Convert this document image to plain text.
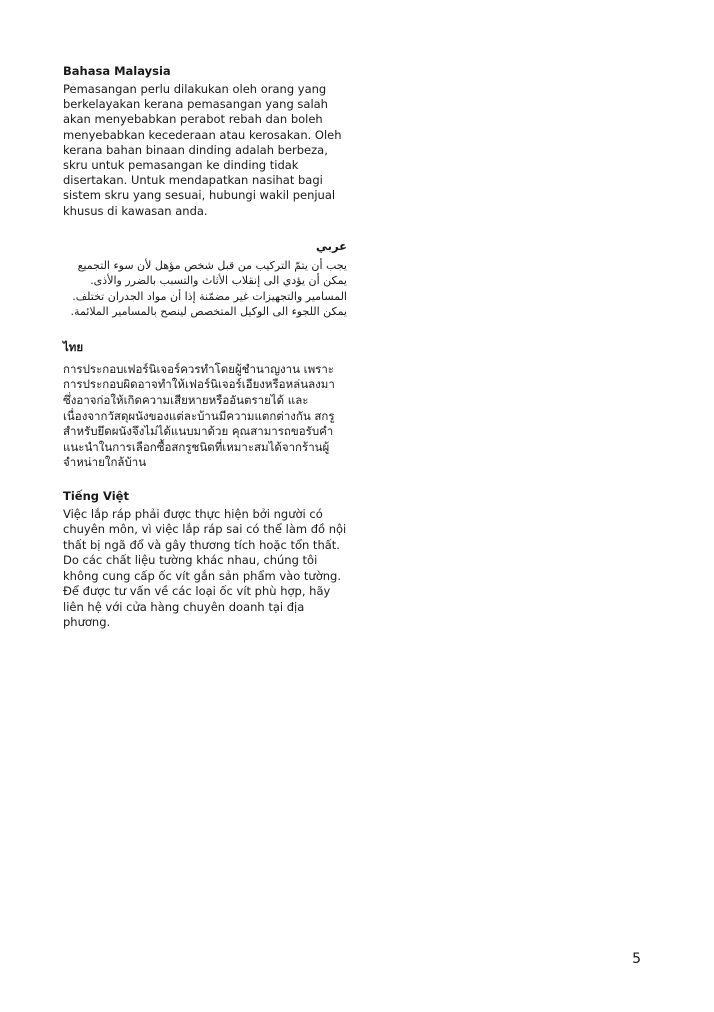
Bahasa Malaysia

Pemasangan perlu dilakukan oleh orang yang berkelayakan kerana pemasangan yang salah akan menyebabkan perabot rebah dan boleh menyebabkan kecederaan atau kerosakan. Oleh kerana bahan binaan dinding adalah berbeza, skru untuk pemasangan ke dinding tidak disertakan. Untuk mendapatkan nasihat bagi sistem skru yang sesuai, hubungi wakil penjual khusus di kawasan anda.

عربي

يجب أن يتمّ التركيب من قبل شخص مؤهل لأن سوء التجميع يمكن أن يؤدي الى إنقلاب الأثاث والتسبب بالضرر والأذى. المسامير والتجهيزات غير مضمّنة إذا أن مواد الجدران تختلف. يمكن اللجوء الى الوكيل المتخصص لينصح بالمسامير الملائمة.

ไทย

การประกอบเฟอร์นิเจอร์ควรทำโดยผู้ชำนาญงาน เพราะการประกอบผิดอาจทำให้เฟอร์นิเจอร์เอียงหรือหล่นลงมา ซึ่งอาจก่อให้เกิดความเสียหายหรืออันตรายได้ และเนื่องจากวัสดุผนังของแต่ละบ้านมีความแตกต่างกัน สกรูสำหรับยึดผนังจึงไม่ได้แนบมาด้วย คุณสามารถขอรับคำแนะนำในการเลือกซื้อสกรูชนิดที่เหมาะสมได้จากร้านผู้จำหน่ายใกล้บ้าน

Tiếng Việt

Việc lắp ráp phải được thực hiện bởi người có chuyên môn, vì việc lắp ráp sai có thể làm đồ nội thất bị ngã đổ và gây thương tích hoặc tổn thất. Do các chất liệu tường khác nhau, chúng tôi không cung cấp ốc vít gắn sản phẩm vào tường. Để được tư vấn về các loại ốc vít phù hợp, hãy liên hệ với cửa hàng chuyên doanh tại địa phương.

5
